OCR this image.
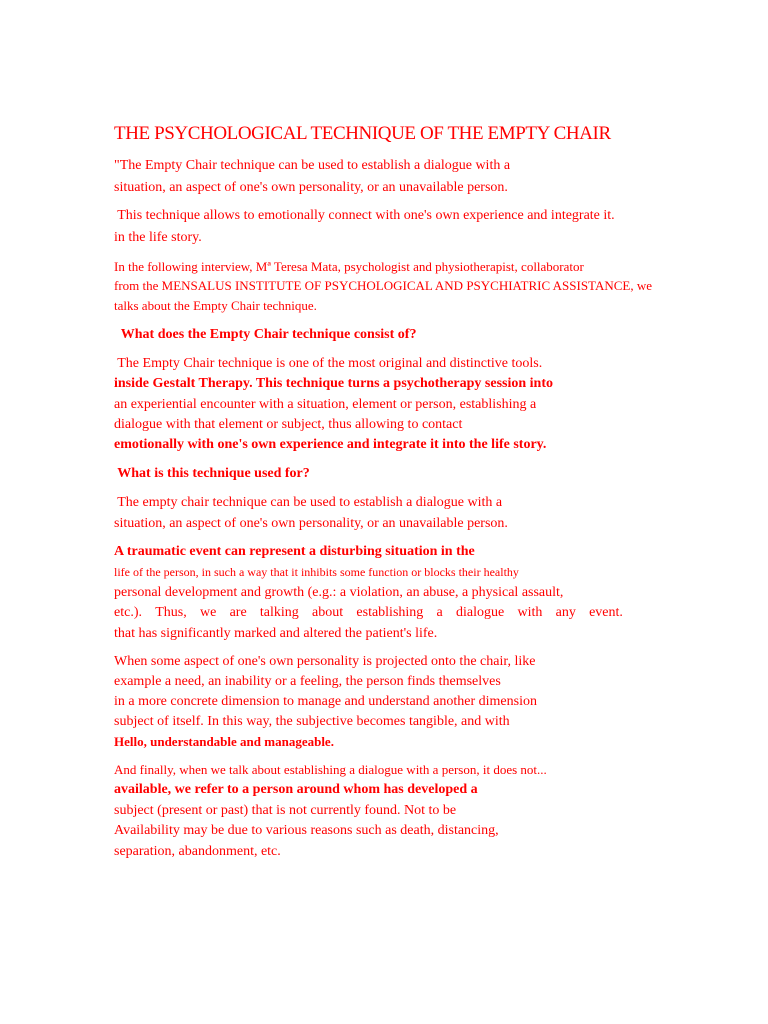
THE PSYCHOLOGICAL TECHNIQUE OF THE EMPTY CHAIR
"The Empty Chair technique can be used to establish a dialogue with a
situation, an aspect of one's own personality, or an unavailable person.
This technique allows to emotionally connect with one's own experience and integrate it.
in the life story.
In the following interview, Mª Teresa Mata, psychologist and physiotherapist, collaborator
from the MENSALUS INSTITUTE OF PSYCHOLOGICAL AND PSYCHIATRIC ASSISTANCE, we
talks about the Empty Chair technique.
What does the Empty Chair technique consist of?
The Empty Chair technique is one of the most original and distinctive tools.
inside Gestalt Therapy. This technique turns a psychotherapy session into
an experiential encounter with a situation, element or person, establishing a
dialogue with that element or subject, thus allowing to contact
emotionally with one's own experience and integrate it into the life story.
What is this technique used for?
The empty chair technique can be used to establish a dialogue with a
situation, an aspect of one's own personality, or an unavailable person.
A traumatic event can represent a disturbing situation in the
life of the person, in such a way that it inhibits some function or blocks their healthy
personal development and growth (e.g.: a violation, an abuse, a physical assault,
etc.). Thus, we are talking about establishing a dialogue with any event.
that has significantly marked and altered the patient's life.
When some aspect of one's own personality is projected onto the chair, like
example a need, an inability or a feeling, the person finds themselves
in a more concrete dimension to manage and understand another dimension
subject of itself. In this way, the subjective becomes tangible, and with
Hello, understandable and manageable.
And finally, when we talk about establishing a dialogue with a person, it does not...
available, we refer to a person around whom has developed a
subject (present or past) that is not currently found. Not to be
Availability may be due to various reasons such as death, distancing,
separation, abandonment, etc.
